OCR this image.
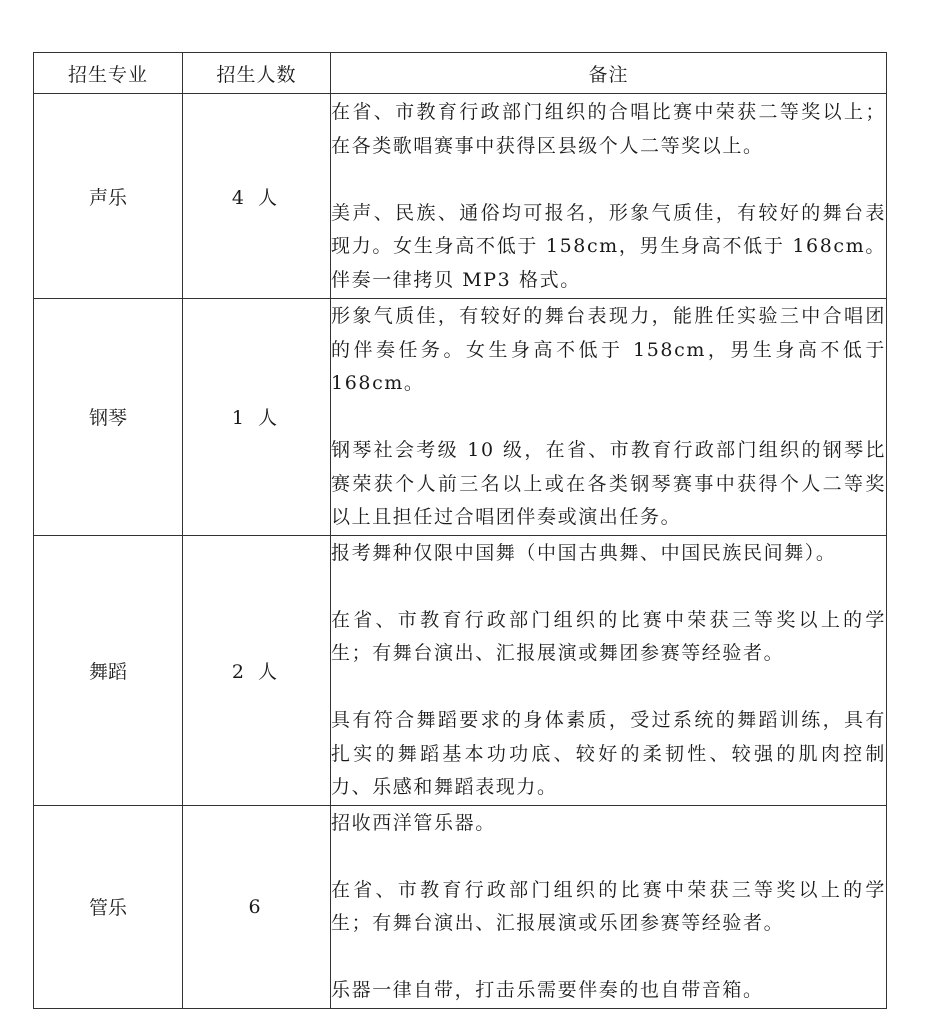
招生专业	招生人数	备注
声乐	4 人	在省、市教育行政部门组织的合唱比赛中荣获二等奖以上；在各类歌唱赛事中获得区县级个人二等奖以上。

美声、民族、通俗均可报名，形象气质佳，有较好的舞台表现力。女生身高不低于 158cm，男生身高不低于 168cm。伴奏一律拷贝 MP3 格式。

钢琴	1 人	形象气质佳，有较好的舞台表现力，能胜任实验三中合唱团的伴奏任务。女生身高不低于 158cm，男生身高不低于 168cm。

钢琴社会考级 10 级，在省、市教育行政部门组织的钢琴比赛荣获个人前三名以上或在各类钢琴赛事中获得个人二等奖以上且担任过合唱团伴奏或演出任务。

舞蹈	2 人	报考舞种仅限中国舞（中国古典舞、中国民族民间舞）。

在省、市教育行政部门组织的比赛中荣获三等奖以上的学生；有舞台演出、汇报展演或舞团参赛等经验者。

具有符合舞蹈要求的身体素质，受过系统的舞蹈训练，具有扎实的舞蹈基本功功底、较好的柔韧性、较强的肌肉控制力、乐感和舞蹈表现力。

管乐	6	招收西洋管乐器。

在省、市教育行政部门组织的比赛中荣获三等奖以上的学生；有舞台演出、汇报展演或乐团参赛等经验者。

乐器一律自带，打击乐需要伴奏的也自带音箱。
